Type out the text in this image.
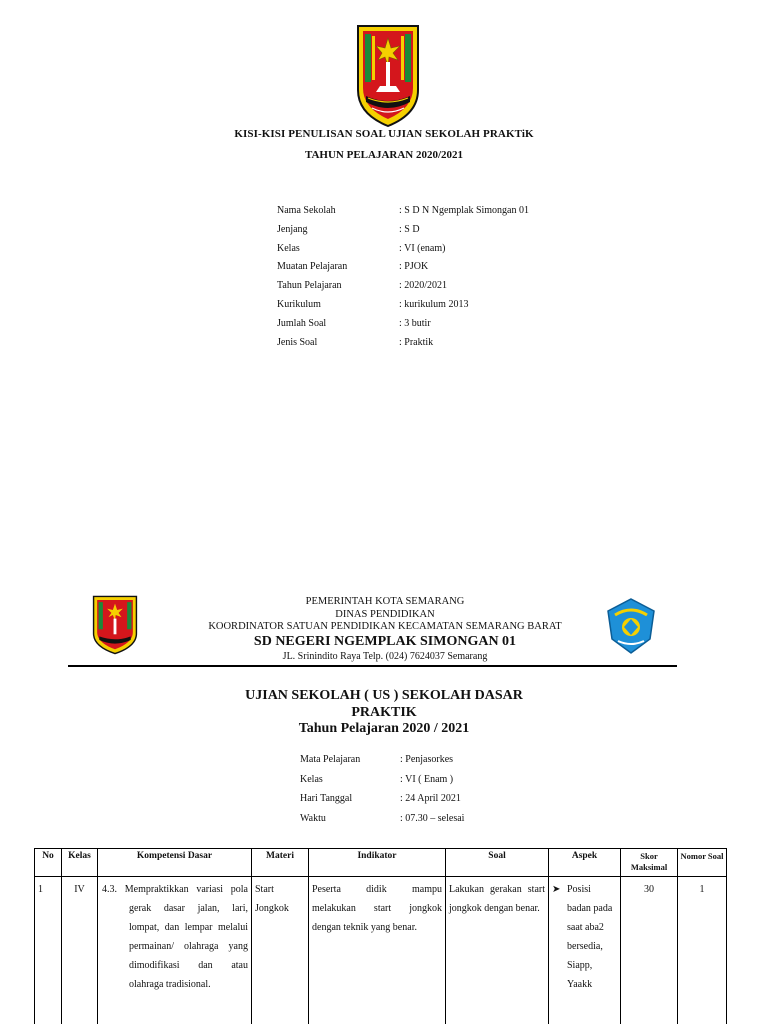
KISI-KISI PENULISAN SOAL UJIAN SEKOLAH PRAKTiK
TAHUN PELAJARAN 2020/2021
Nama Sekolah	: S D N Ngemplak Simongan 01
Jenjang	: S D
Kelas	: VI (enam)
Muatan Pelajaran	: PJOK
Tahun Pelajaran	: 2020/2021
Kurikulum	: kurikulum 2013
Jumlah Soal	: 3 butir
Jenis Soal	: Praktik
PEMERINTAH KOTA SEMARANG
DINAS PENDIDIKAN
KOORDINATOR SATUAN PENDIDIKAN KECAMATAN SEMARANG BARAT
SD NEGERI NGEMPLAK SIMONGAN 01
JL. Srinindito Raya Telp. (024) 7624037 Semarang
UJIAN SEKOLAH ( US ) SEKOLAH DASAR
PRAKTIK
Tahun Pelajaran 2020 / 2021
Mata Pelajaran	: Penjasorkes
Kelas	: VI ( Enam )
Hari Tanggal	: 24 April 2021
Waktu	: 07.30 – selesai
No	Kelas	Kompetensi Dasar	Materi	Indikator	Soal	Aspek	Skor Maksimal	Nomor Soal
1	IV	4.3. Mempraktikkan variasi pola gerak dasar jalan, lari, lompat, dan lempar melalui permainan/ olahraga yang dimodifikasi dan atau olahraga tradisional.	Start Jongkok	Peserta didik mampu melakukan start jongkok dengan teknik yang benar.	Lakukan gerakan start jongkok dengan benar.	➤ Posisi badan pada saat aba2 bersedia, Siapp, Yaakk	30	1
